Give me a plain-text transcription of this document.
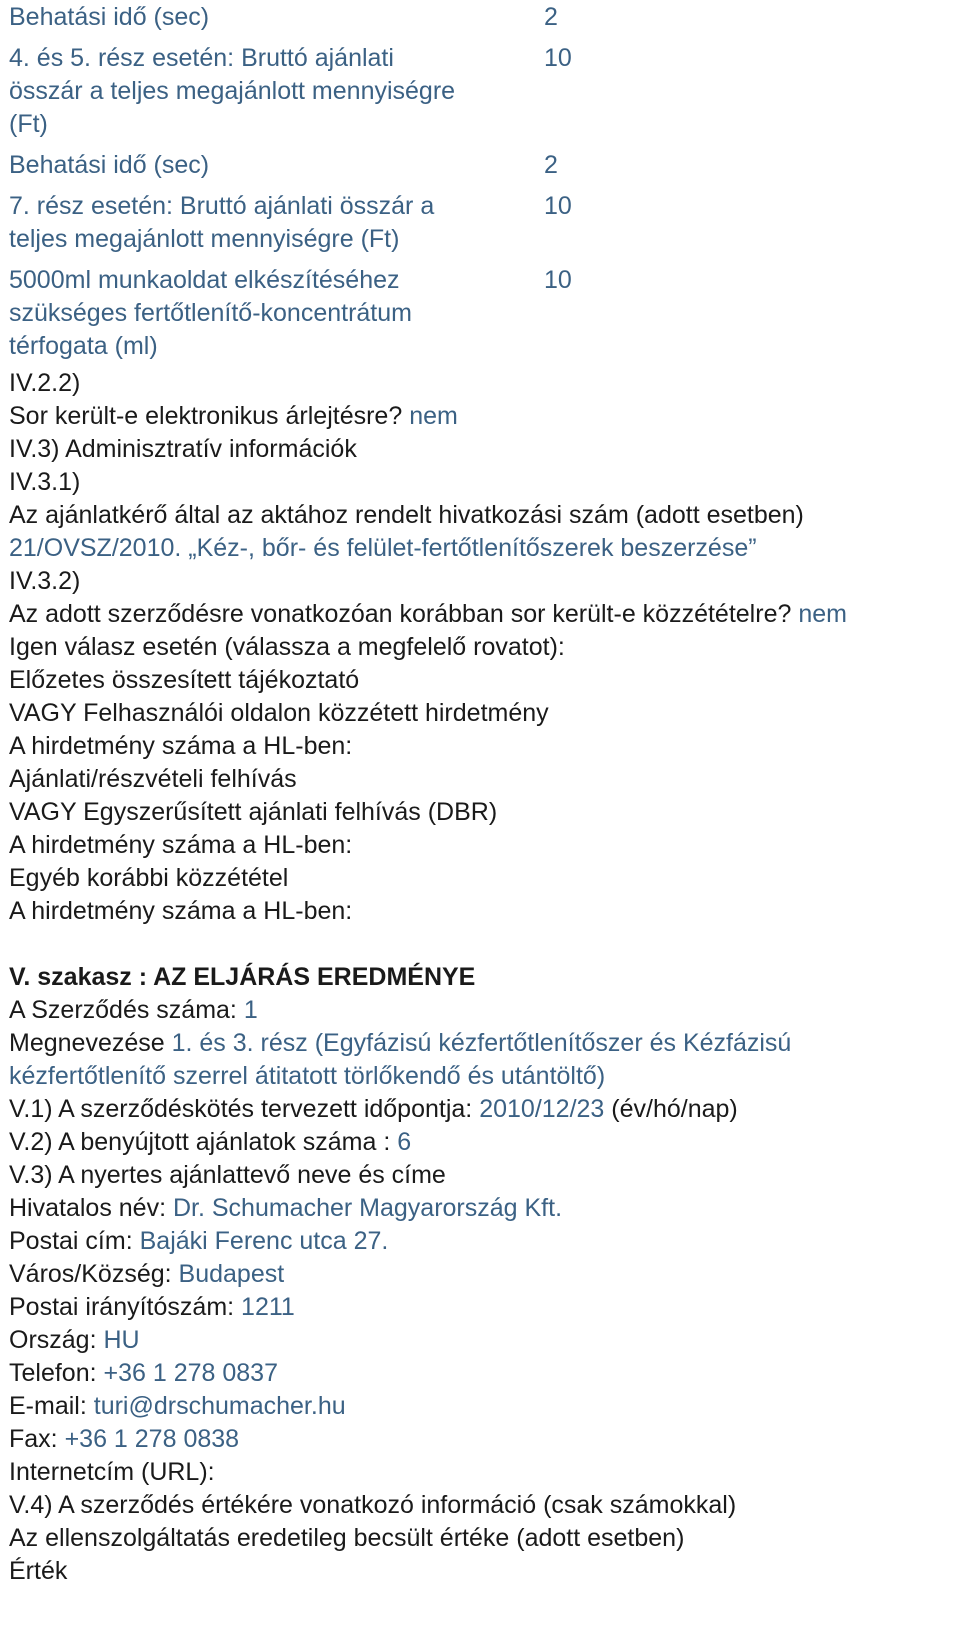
Behatási idő (sec)	2
4. és 5. rész esetén: Bruttó ajánlati
összár a teljes megajánlott mennyiségre
(Ft)
10
Behatási idő (sec)	2
7. rész esetén: Bruttó ajánlati összár a
teljes megajánlott mennyiségre (Ft)
10
5000ml munkaoldat elkészítéséhez
szükséges fertőtlenítő-koncentrátum
térfogata (ml)
10
IV.2.2)
Sor került-e elektronikus árlejtésre? nem
IV.3) Adminisztratív információk
IV.3.1)
Az ajánlatkérő által az aktához rendelt hivatkozási szám (adott esetben)
21/OVSZ/2010. „Kéz-, bőr- és felület-fertőtlenítőszerek beszerzése”
IV.3.2)
Az adott szerződésre vonatkozóan korábban sor került-e közzétételre? nem
Igen válasz esetén (válassza a megfelelő rovatot):
Előzetes összesített tájékoztató
VAGY Felhasználói oldalon közzétett hirdetmény
A hirdetmény száma a HL-ben:
Ajánlati/részvételi felhívás
VAGY Egyszerűsített ajánlati felhívás (DBR)
A hirdetmény száma a HL-ben:
Egyéb korábbi közzététel
A hirdetmény száma a HL-ben:
V. szakasz : AZ ELJÁRÁS EREDMÉNYE
A Szerződés száma: 1
Megnevezése 1. és 3. rész (Egyfázisú kézfertőtlenítőszer és Kézfázisú
kézfertőtlenítő szerrel átitatott törlőkendő és utántöltő)
V.1) A szerződéskötés tervezett időpontja: 2010/12/23 (év/hó/nap)
V.2) A benyújtott ajánlatok száma : 6
V.3) A nyertes ajánlattevő neve és címe
Hivatalos név: Dr. Schumacher Magyarország Kft.
Postai cím: Bajáki Ferenc utca 27.
Város/Község: Budapest
Postai irányítószám: 1211
Ország: HU
Telefon: +36 1 278 0837
E-mail: turi@drschumacher.hu
Fax: +36 1 278 0838
Internetcím (URL):
V.4) A szerződés értékére vonatkozó információ (csak számokkal)
Az ellenszolgáltatás eredetileg becsült értéke (adott esetben)
Érték
